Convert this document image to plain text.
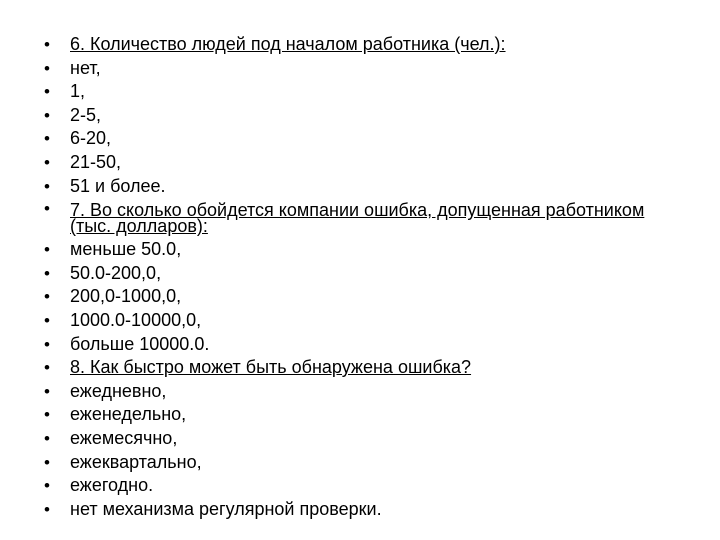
• 6. Количество людей под началом работника (чел.):
• нет,
• 1,
• 2-5,
• 6-20,
• 21-50,
• 51 и более.
• 7. Во сколько обойдется компании ошибка, допущенная работником (тыс. долларов):
• меньше 50.0,
• 50.0-200,0,
• 200,0-1000,0,
• 1000.0-10000,0,
• больше 10000.0.
• 8. Как быстро может быть обнаружена ошибка?
• ежедневно,
• еженедельно,
• ежемесячно,
• ежеквартально,
• ежегодно.
• нет механизма регулярной проверки.
